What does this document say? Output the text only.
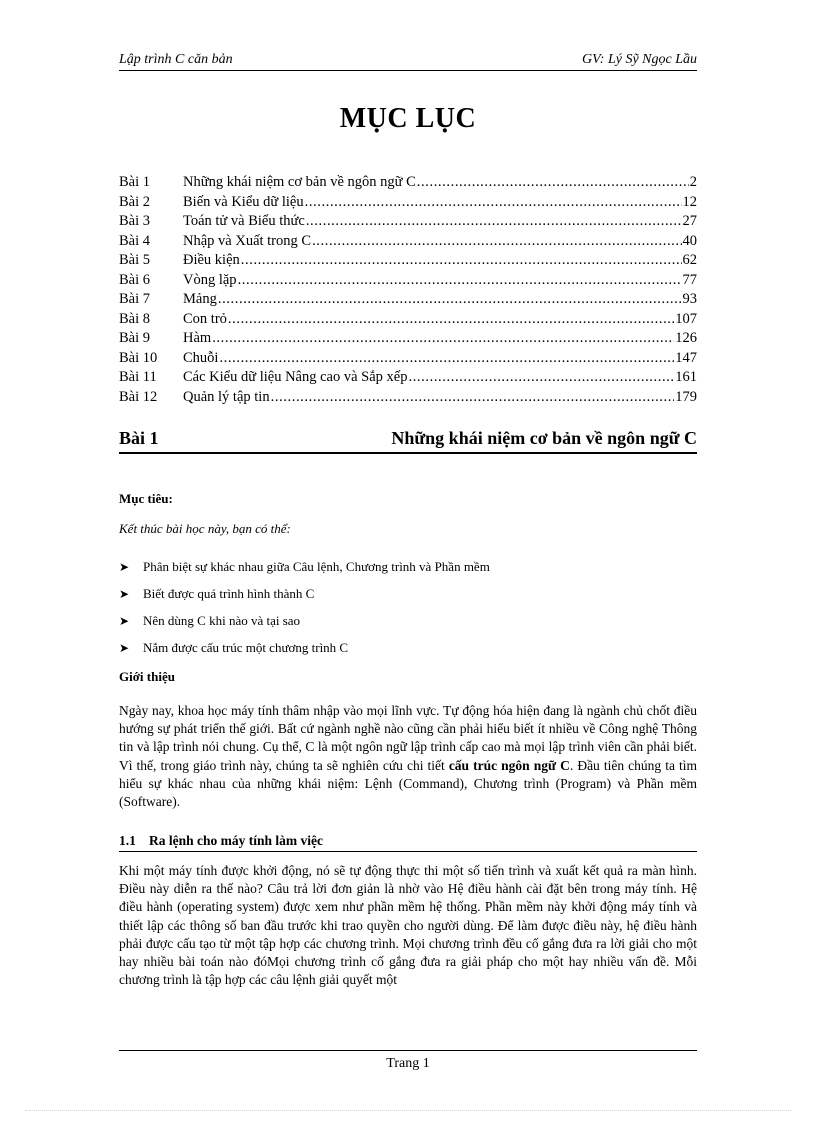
Lập trình C căn bản	GV: Lý Sỹ Ngọc Lầu
MỤC LỤC
Bài 1	Những khái niệm cơ bản về ngôn ngữ C .....	2
Bài 2	Biến và Kiểu dữ liệu .....	12
Bài 3	Toán tử và Biểu thức .....	27
Bài 4	Nhập và Xuất trong C .....	40
Bài 5	Điều kiện .....	62
Bài 6	Vòng lặp .....	77
Bài 7	Mảng .....	93
Bài 8	Con trỏ .....	107
Bài 9	Hàm .....	126
Bài 10	Chuỗi .....	147
Bài 11	Các Kiểu dữ liệu Nâng cao và Sắp xếp .....	161
Bài 12	Quản lý tập tin .....	179
Bài 1	Những khái niệm cơ bản về ngôn ngữ C
Mục tiêu:
Kết thúc bài học này, bạn có thể:
➤	Phân biệt sự khác nhau giữa Câu lệnh, Chương trình và Phần mềm
➤	Biết được quá trình hình thành C
➤	Nên dùng C khi nào và tại sao
➤	Nắm được cấu trúc một chương trình C
Giới thiệu
Ngày nay, khoa học máy tính thâm nhập vào mọi lĩnh vực. Tự động hóa hiện đang là ngành chủ chốt điều hướng sự phát triển thế giới. Bất cứ ngành nghề nào cũng cần phải hiểu biết ít nhiều về Công nghệ Thông tin và lập trình nói chung. Cụ thể, C là một ngôn ngữ lập trình cấp cao mà mọi lập trình viên cần phải biết. Vì thế, trong giáo trình này, chúng ta sẽ nghiên cứu chi tiết cấu trúc ngôn ngữ C. Đầu tiên chúng ta tìm hiểu sự khác nhau của những khái niệm: Lệnh (Command), Chương trình (Program) và Phần mềm (Software).
1.1 Ra lệnh cho máy tính làm việc
Khi một máy tính được khởi động, nó sẽ tự động thực thi một số tiến trình và xuất kết quả ra màn hình. Điều này diễn ra thế nào? Câu trả lời đơn giản là nhờ vào Hệ điều hành cài đặt bên trong máy tính. Hệ điều hành (operating system) được xem như phần mềm hệ thống. Phần mềm này khởi động máy tính và thiết lập các thông số ban đầu trước khi trao quyền cho người dùng. Để làm được điều này, hệ điều hành phải được cấu tạo từ một tập hợp các chương trình. Mọi chương trình đều cố gắng đưa ra lời giải cho một hay nhiều bài toán nào đóMọi chương trình cố gắng đưa ra giải pháp cho một hay nhiều vấn đề. Mỗi chương trình là tập hợp các câu lệnh giải quyết một
Trang 1
